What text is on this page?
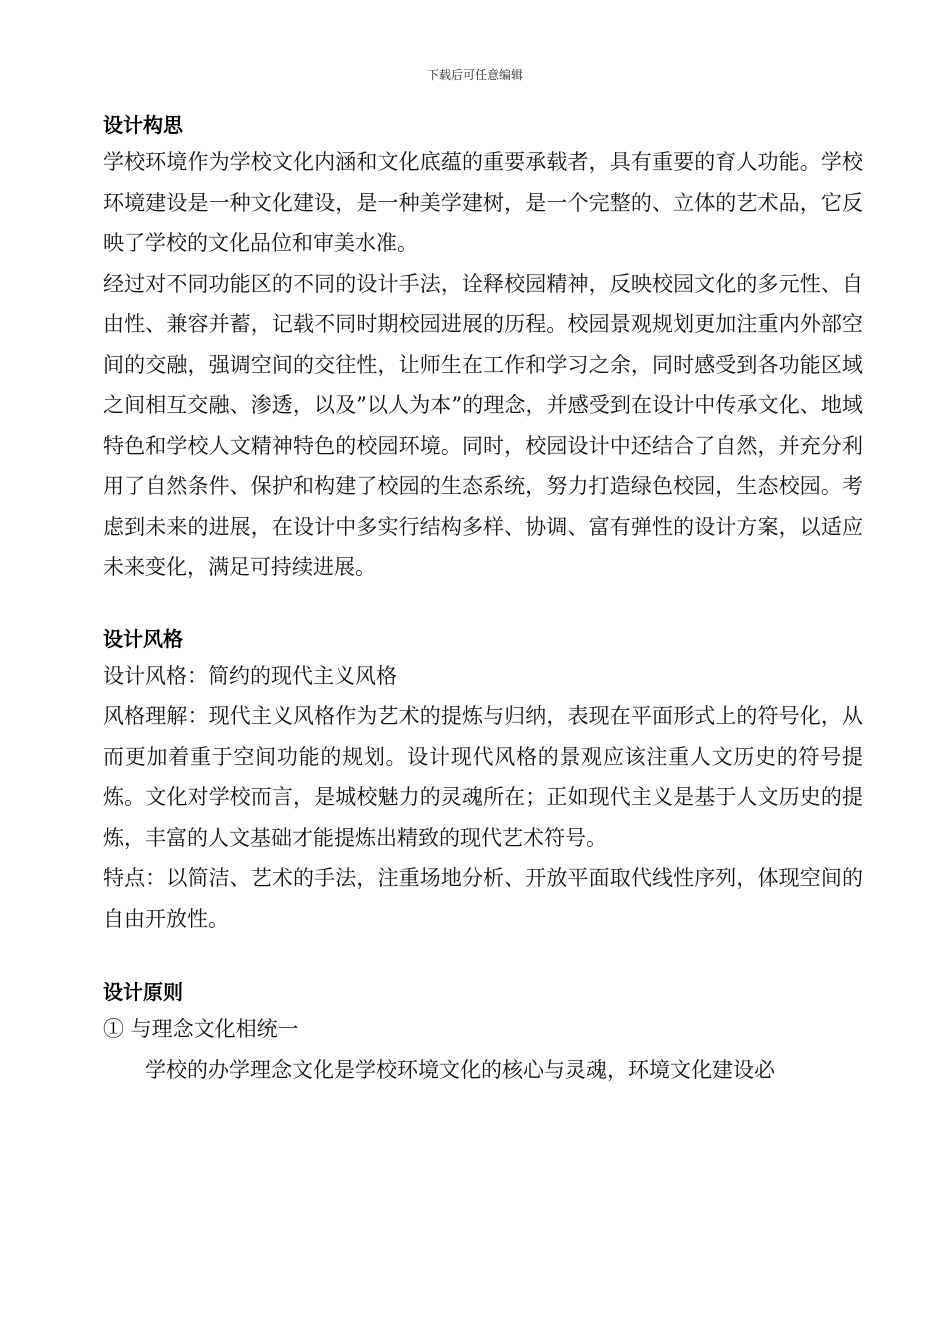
下载后可任意编辑
设计构思

学校环境作为学校文化内涵和文化底蕴的重要承载者，具有重要的育人功能。学校环境建设是一种文化建设，是一种美学建树，是一个完整的、立体的艺术品，它反映了学校的文化品位和审美水准。

经过对不同功能区的不同的设计手法，诠释校园精神，反映校园文化的多元性、自由性、兼容并蓄，记载不同时期校园进展的历程。校园景观规划更加注重内外部空间的交融，强调空间的交往性，让师生在工作和学习之余，同时感受到各功能区域之间相互交融、渗透，以及”以人为本”的理念，并感受到在设计中传承文化、地域特色和学校人文精神特色的校园环境。同时，校园设计中还结合了自然，并充分利用了自然条件、保护和构建了校园的生态系统，努力打造绿色校园，生态校园。考虑到未来的进展，在设计中多实行结构多样、协调、富有弹性的设计方案，以适应未来变化，满足可持续进展。

设计风格

设计风格：简约的现代主义风格

风格理解：现代主义风格作为艺术的提炼与归纳，表现在平面形式上的符号化，从而更加着重于空间功能的规划。设计现代风格的景观应该注重人文历史的符号提炼。文化对学校而言，是城校魅力的灵魂所在；正如现代主义是基于人文历史的提炼，丰富的人文基础才能提炼出精致的现代艺术符号。

特点：以简洁、艺术的手法，注重场地分析、开放平面取代线性序列，体现空间的自由开放性。

设计原则

① 与理念文化相统一

学校的办学理念文化是学校环境文化的核心与灵魂，环境文化建设必
